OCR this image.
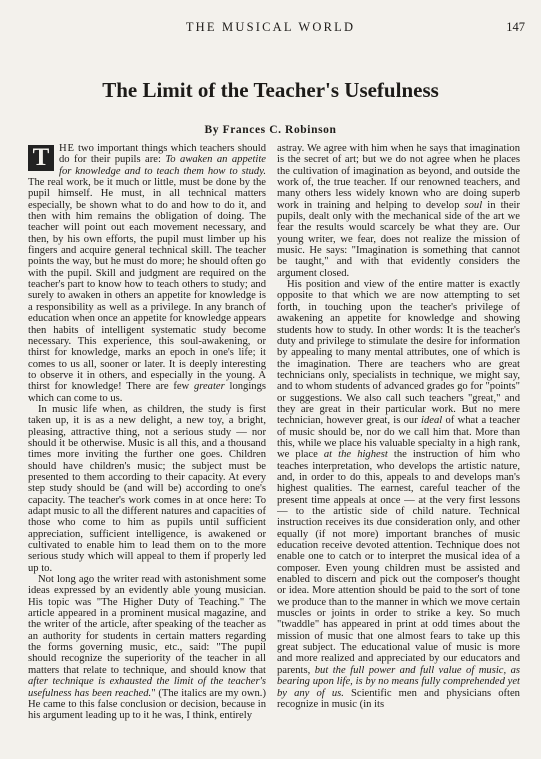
THE MUSICAL WORLD	147
The Limit of the Teacher's Usefulness
By Frances C. Robinson
T HE two important things which teachers should do for their pupils are: To awaken an appetite for knowledge and to teach them how to study. The real work, be it much or little, must be done by the pupil himself. He must, in all technical matters especially, be shown what to do and how to do it, and then with him remains the obligation of doing. The teacher will point out each movement necessary, and then, by his own efforts, the pupil must limber up his fingers and acquire general technical skill. The teacher points the way, but he must do more; he should often go with the pupil. Skill and judgment are required on the teacher's part to know how to teach others to study; and surely to awaken in others an appetite for knowledge is a responsibility as well as a privilege. In any branch of education when once an appetite for knowledge appears then habits of intelligent systematic study become necessary. This experience, this soul-awakening, or thirst for knowledge, marks an epoch in one's life; it comes to us all, sooner or later. It is deeply interesting to observe it in others, and especially in the young. A thirst for knowledge! There are few greater longings which can come to us.

In music life when, as children, the study is first taken up, it is as a new delight, a new toy, a bright, pleasing, attractive thing, not a serious study — nor should it be otherwise. Music is all this, and a thousand times more inviting the further one goes. Children should have children's music; the subject must be presented to them according to their capacity. At every step study should be (and will be) according to one's capacity. The teacher's work comes in at once here: To adapt music to all the different natures and capacities of those who come to him as pupils until sufficient appreciation, sufficient intelligence, is awakened or cultivated to enable him to lead them on to the more serious study which will appeal to them if properly led up to.

Not long ago the writer read with astonishment some ideas expressed by an evidently able young musician. His topic was "The Higher Duty of Teaching." The article appeared in a prominent musical magazine, and the writer of the article, after speaking of the teacher as an authority for students in certain matters regarding the forms governing music, etc., said: "The pupil should recognize the superiority of the teacher in all matters that relate to technique, and should know that after technique is exhausted the limit of the teacher's usefulness has been reached." (The italics are my own.) He came to this false conclusion or decision, because in his argument leading up to it he was, I think, entirely

astray. We agree with him when he says that imagination is the secret of art; but we do not agree when he places the cultivation of imagination as beyond, and outside the work of, the true teacher. If our renowned teachers, and many others less widely known who are doing superb work in training and helping to develop soul in their pupils, dealt only with the mechanical side of the art we fear the results would scarcely be what they are. Our young writer, we fear, does not realize the mission of music. He says: "Imagination is something that cannot be taught," and with that evidently considers the argument closed.

His position and view of the entire matter is exactly opposite to that which we are now attempting to set forth, in touching upon the teacher's privilege of awakening an appetite for knowledge and showing students how to study. In other words: It is the teacher's duty and privilege to stimulate the desire for information by appealing to many mental attributes, one of which is the imagination. There are teachers who are great technicians only, specialists in technique, we might say, and to whom students of advanced grades go for "points" or suggestions. We also call such teachers "great," and they are great in their particular work. But no mere technician, however great, is our ideal of what a teacher of music should be, nor do we call him that. More than this, while we place his valuable specialty in a high rank, we place at the highest the instruction of him who teaches interpretation, who develops the artistic nature, and, in order to do this, appeals to and develops man's highest qualities. The earnest, careful teacher of the present time appeals at once — at the very first lessons — to the artistic side of child nature. Technical instruction receives its due consideration only, and other equally (if not more) important branches of music education receive devoted attention. Technique does not enable one to catch or to interpret the musical idea of a composer. Even young children must be assisted and enabled to discern and pick out the composer's thought or idea. More attention should be paid to the sort of tone we produce than to the manner in which we move certain muscles or joints in order to strike a key. So much "twaddle" has appeared in print at odd times about the mission of music that one almost fears to take up this great subject. The educational value of music is more and more realized and appreciated by our educators and parents, but the full power and full value of music, as bearing upon life, is by no means fully comprehended yet by any of us. Scientific men and physicians often recognize in music (in its
